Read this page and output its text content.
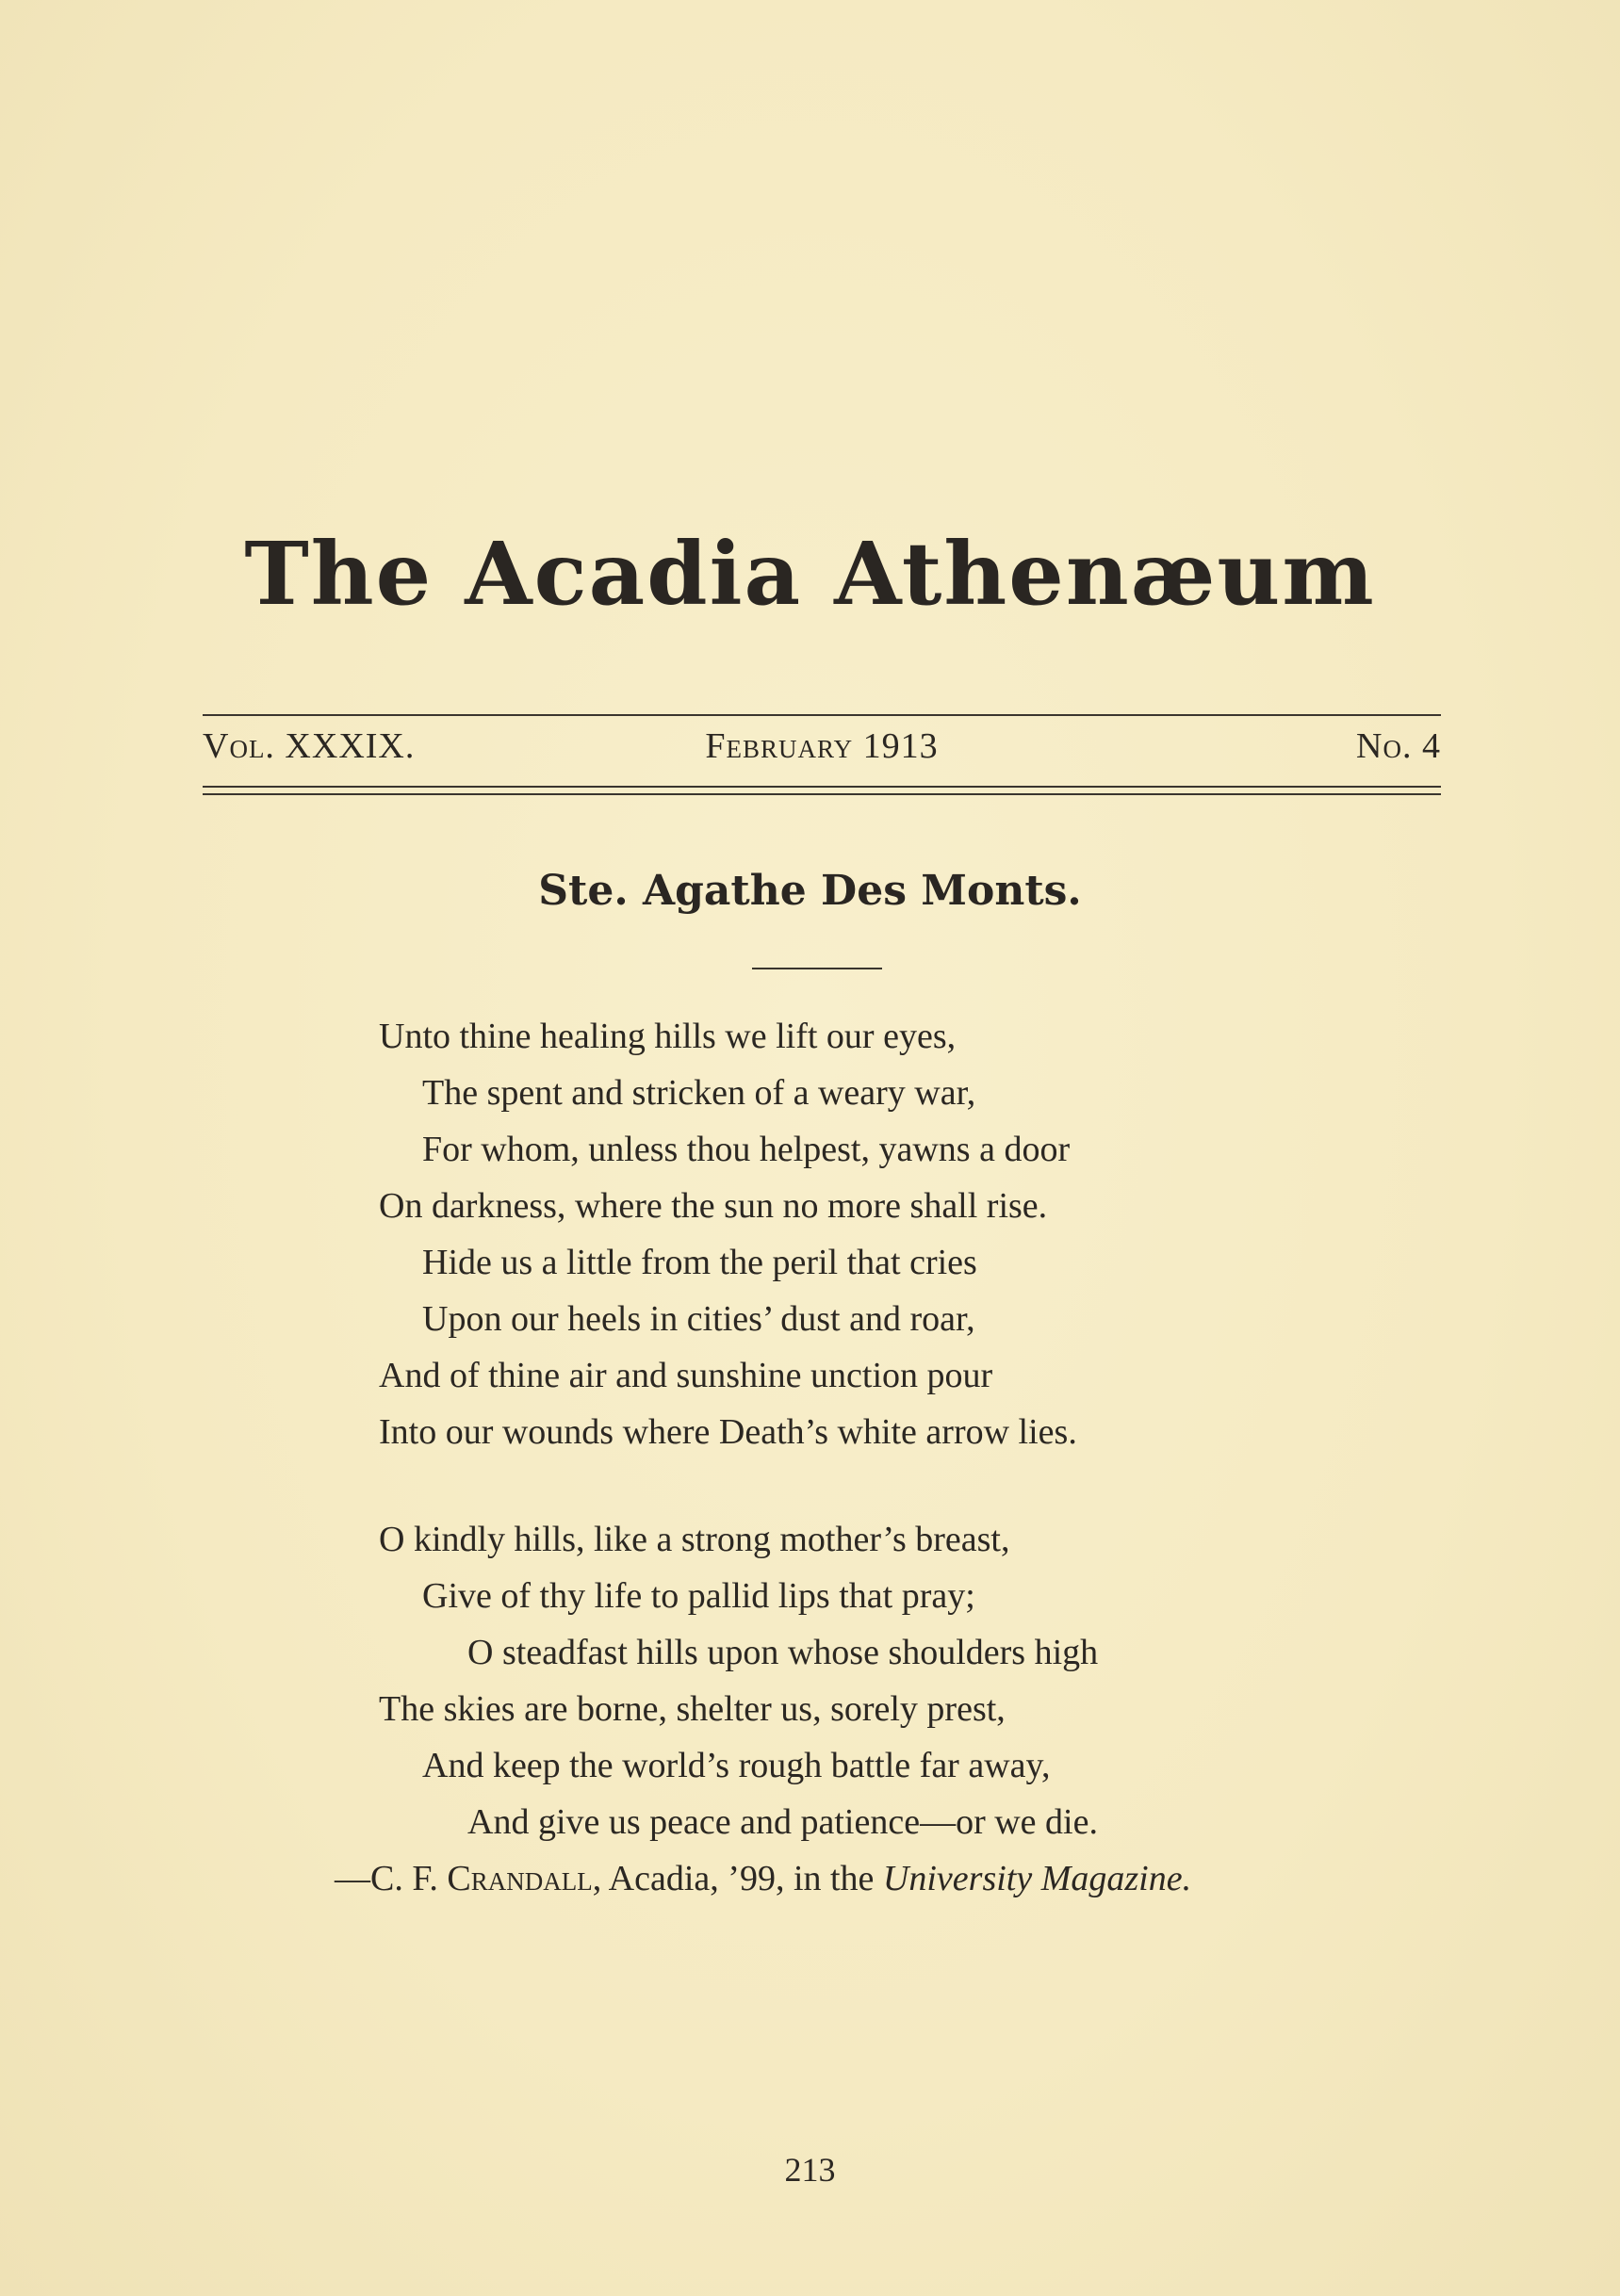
The Acadia Athenæum
Vol. XXXIX.	February 1913	No. 4
Ste. Agathe Des Monts.
Unto thine healing hills we lift our eyes,
The spent and stricken of a weary war,
For whom, unless thou helpest, yawns a door
On darkness, where the sun no more shall rise.
Hide us a little from the peril that cries
Upon our heels in cities’ dust and roar,
And of thine air and sunshine unction pour
Into our wounds where Death’s white arrow lies.
O kindly hills, like a strong mother’s breast,
Give of thy life to pallid lips that pray;
O steadfast hills upon whose shoulders high
The skies are borne, shelter us, sorely prest,
And keep the world’s rough battle far away,
And give us peace and patience—or we die.
—C. F. Crandall, Acadia, ’99, in the University Magazine.
213
